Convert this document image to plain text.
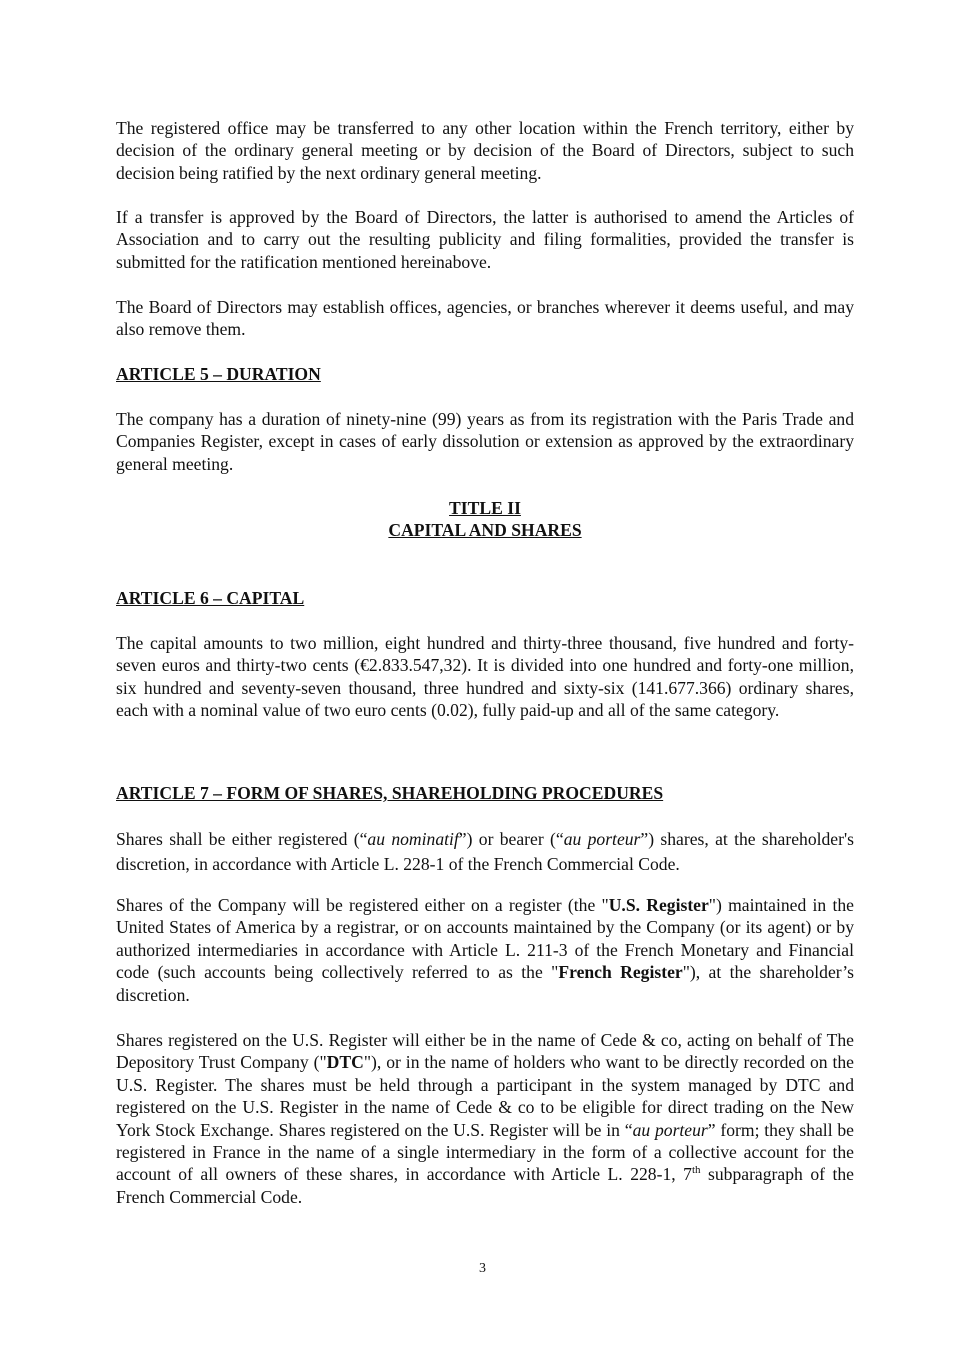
The registered office may be transferred to any other location within the French territory, either by decision of the ordinary general meeting or by decision of the Board of Directors, subject to such decision being ratified by the next ordinary general meeting.

If a transfer is approved by the Board of Directors, the latter is authorised to amend the Articles of Association and to carry out the resulting publicity and filing formalities, provided the transfer is submitted for the ratification mentioned hereinabove.

The Board of Directors may establish offices, agencies, or branches wherever it deems useful, and may also remove them.

ARTICLE 5 – DURATION

The company has a duration of ninety-nine (99) years as from its registration with the Paris Trade and Companies Register, except in cases of early dissolution or extension as approved by the extraordinary general meeting.

TITLE II

CAPITAL AND SHARES

ARTICLE 6 – CAPITAL

The capital amounts to two million, eight hundred and thirty-three thousand, five hundred and forty-seven euros and thirty-two cents (€2.833.547,32). It is divided into one hundred and forty-one million, six hundred and seventy-seven thousand, three hundred and sixty-six (141.677.366) ordinary shares, each with a nominal value of two euro cents (0.02), fully paid-up and all of the same category.

ARTICLE 7 – FORM OF SHARES, SHAREHOLDING PROCEDURES

Shares shall be either registered (“au nominatif”) or bearer (“au porteur”) shares, at the shareholder's discretion, in accordance with Article L. 228-1 of the French Commercial Code.

Shares of the Company will be registered either on a register (the "U.S. Register") maintained in the United States of America by a registrar, or on accounts maintained by the Company (or its agent) or by authorized intermediaries in accordance with Article L. 211-3 of the French Monetary and Financial code (such accounts being collectively referred to as the "French Register"), at the shareholder’s discretion.

Shares registered on the U.S. Register will either be in the name of Cede & co, acting on behalf of The Depository Trust Company ("DTC"), or in the name of holders who want to be directly recorded on the U.S. Register. The shares must be held through a participant in the system managed by DTC and registered on the U.S. Register in the name of Cede & co to be eligible for direct trading on the New York Stock Exchange. Shares registered on the U.S. Register will be in “au porteur” form; they shall be registered in France in the name of a single intermediary in the form of a collective account for the account of all owners of these shares, in accordance with Article L. 228-1, 7th subparagraph of the French Commercial Code.

3
